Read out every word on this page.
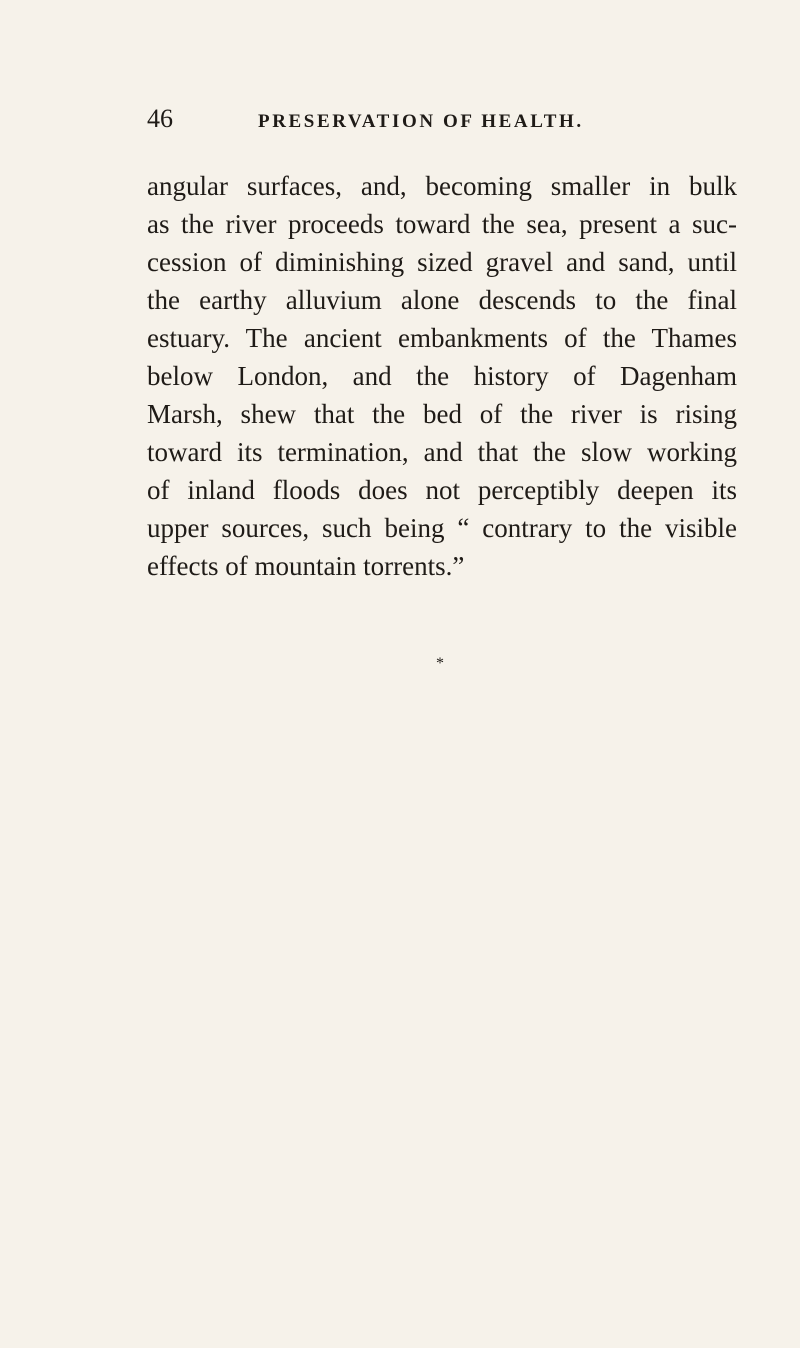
46	PRESERVATION OF HEALTH.
angular surfaces, and, becoming smaller in bulk
as the river proceeds toward the sea, present a suc-
cession of diminishing sized gravel and sand, until
the earthy alluvium alone descends to the final
estuary. The ancient embankments of the Thames
below London, and the history of Dagenham
Marsh, shew that the bed of the river is rising
toward its termination, and that the slow working
of inland floods does not perceptibly deepen its
upper sources, such being “ contrary to the visible
effects of mountain torrents.”
*
